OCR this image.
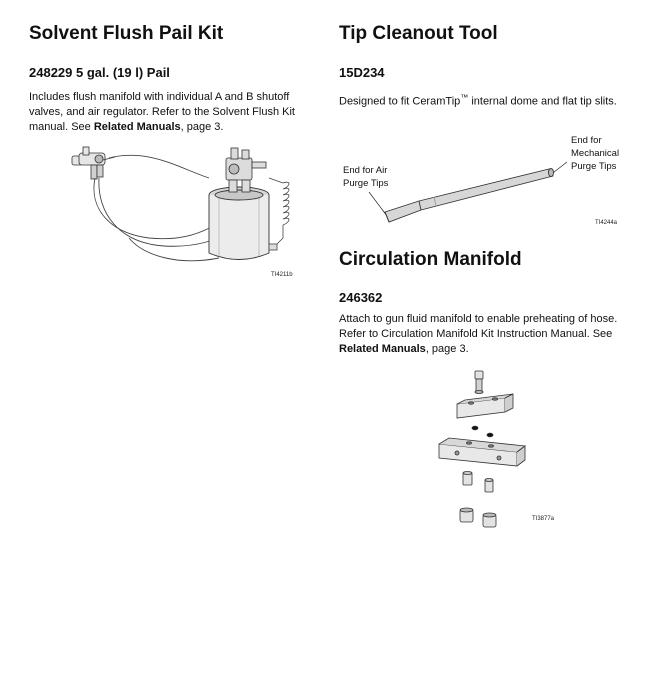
Solvent Flush Pail Kit
248229 5 gal. (19 l) Pail

Includes flush manifold with individual A and B shutoff valves, and air regulator. Refer to the Solvent Flush Kit manual. See Related Manuals, page 3.

TI4211b
Tip Cleanout Tool
15D234

Designed to fit CeramTip™ internal dome and flat tip slits.

End for Air
Purge Tips
End for
Mechanical
Purge Tips
TI4244a
Circulation Manifold
246362

Attach to gun fluid manifold to enable preheating of hose. Refer to Circulation Manifold Kit Instruction Manual. See Related Manuals, page 3.

TI3877a
